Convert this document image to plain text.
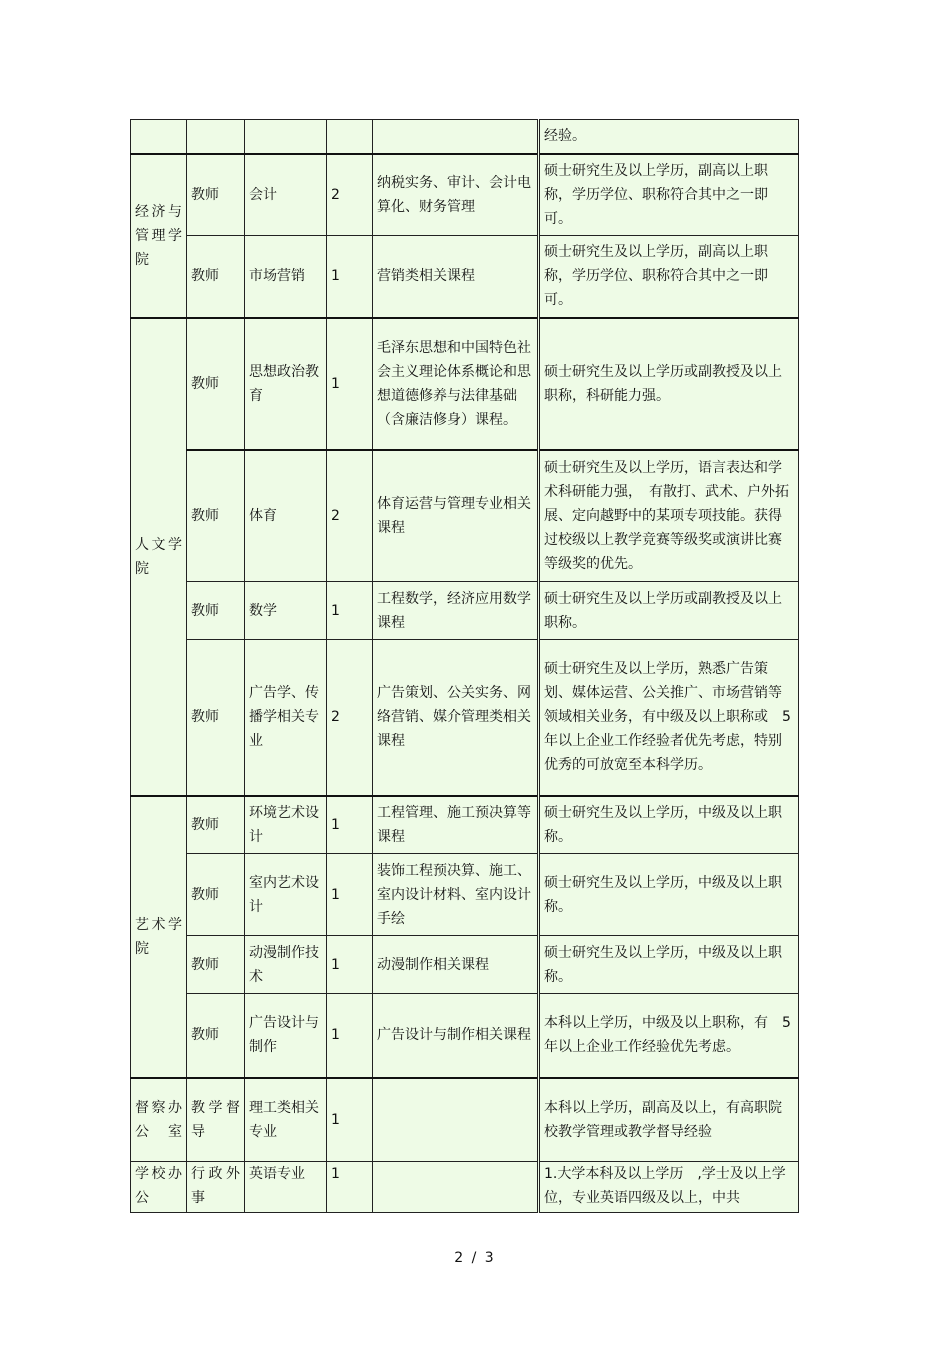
					经验。
经济与管理学院	教师	会计	2	纳税实务、审计、会计电算化、财务管理	硕士研究生及以上学历，副高以上职称，学历学位、职称符合其中之一即可。
	教师	市场营销	1	营销类相关课程	硕士研究生及以上学历，副高以上职称，学历学位、职称符合其中之一即可。
人文学院	教师	思想政治教育	1	毛泽东思想和中国特色社会主义理论体系概论和思想道德修养与法律基础（含廉洁修身）课程。	硕士研究生及以上学历或副教授及以上职称，科研能力强。
	教师	体育	2	体育运营与管理专业相关课程	硕士研究生及以上学历，语言表达和学术科研能力强，　有散打、武术、户外拓展、定向越野中的某项专项技能。获得过校级以上教学竞赛等级奖或演讲比赛等级奖的优先。
	教师	数学	1	工程数学，经济应用数学课程	硕士研究生及以上学历或副教授及以上职称。
	教师	广告学、传播学相关专业	2	广告策划、公关实务、网络营销、媒介管理类相关课程	硕士研究生及以上学历，熟悉广告策划、媒体运营、公关推广、市场营销等领域相关业务，有中级及以上职称或　5 年以上企业工作经验者优先考虑，特别优秀的可放宽至本科学历。
艺术学院	教师	环境艺术设计	1	工程管理、施工预决算等课程	硕士研究生及以上学历，中级及以上职称。
	教师	室内艺术设计	1	装饰工程预决算、施工、室内设计材料、室内设计手绘	硕士研究生及以上学历，中级及以上职称。
	教师	动漫制作技术	1	动漫制作相关课程	硕士研究生及以上学历，中级及以上职称。
	教师	广告设计与制作	1	广告设计与制作相关课程	本科以上学历，中级及以上职称，有　5　年以上企业工作经验优先考虑。
督察办公室	教学督导	理工类相关专业	1		本科以上学历，副高及以上，有高职院校教学管理或教学督导经验
学校办公	行政外事	英语专业	1		1.大学本科及以上学历　,学士及以上学位，专业英语四级及以上，中共
2 / 3
